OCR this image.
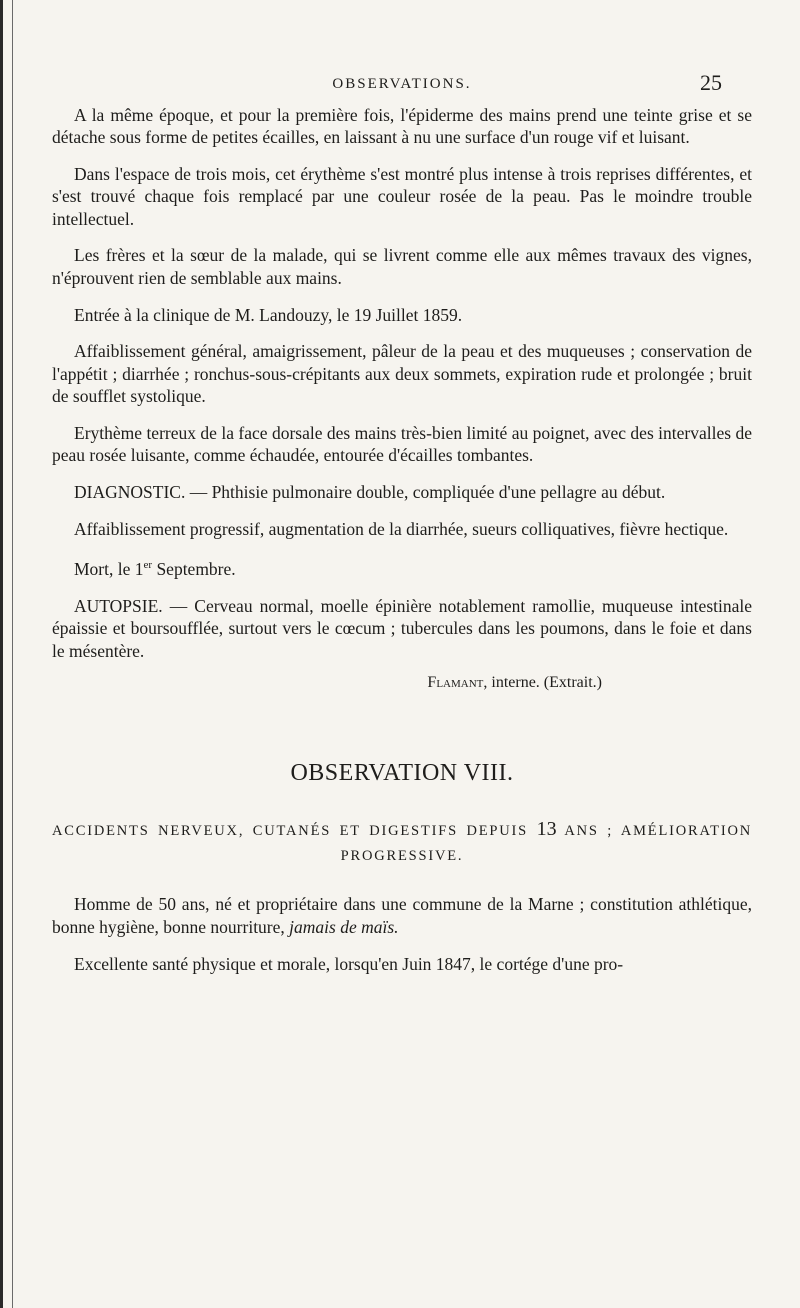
OBSERVATIONS.	25

A la même époque, et pour la première fois, l'épiderme des mains prend une teinte grise et se détache sous forme de petites écailles, en laissant à nu une surface d'un rouge vif et luisant.

Dans l'espace de trois mois, cet érythème s'est montré plus intense à trois reprises différentes, et s'est trouvé chaque fois remplacé par une couleur rosée de la peau. Pas le moindre trouble intellectuel.

Les frères et la sœur de la malade, qui se livrent comme elle aux mêmes travaux des vignes, n'éprouvent rien de semblable aux mains.

Entrée à la clinique de M. Landouzy, le 19 Juillet 1859.

Affaiblissement général, amaigrissement, pâleur de la peau et des muqueuses ; conservation de l'appétit ; diarrhée ; ronchus-sous-crépitants aux deux sommets, expiration rude et prolongée ; bruit de soufflet systolique.

Erythème terreux de la face dorsale des mains très-bien limité au poignet, avec des intervalles de peau rosée luisante, comme échaudée, entourée d'écailles tombantes.

DIAGNOSTIC. — Phthisie pulmonaire double, compliquée d'une pellagre au début.

Affaiblissement progressif, augmentation de la diarrhée, sueurs colliquatives, fièvre hectique.

Mort, le 1er Septembre.

AUTOPSIE. — Cerveau normal, moelle épinière notablement ramollie, muqueuse intestinale épaissie et boursoufflée, surtout vers le cœcum ; tubercules dans les poumons, dans le foie et dans le mésentère.

Flamant, interne. (Extrait.)
OBSERVATION VIII.
ACCIDENTS NERVEUX, CUTANÉS ET DIGESTIFS DEPUIS 13 ANS ; AMÉLIORATION PROGRESSIVE.

Homme de 50 ans, né et propriétaire dans une commune de la Marne ; constitution athlétique, bonne hygiène, bonne nourriture, jamais de maïs.

Excellente santé physique et morale, lorsqu'en Juin 1847, le cortége d'une pro-
